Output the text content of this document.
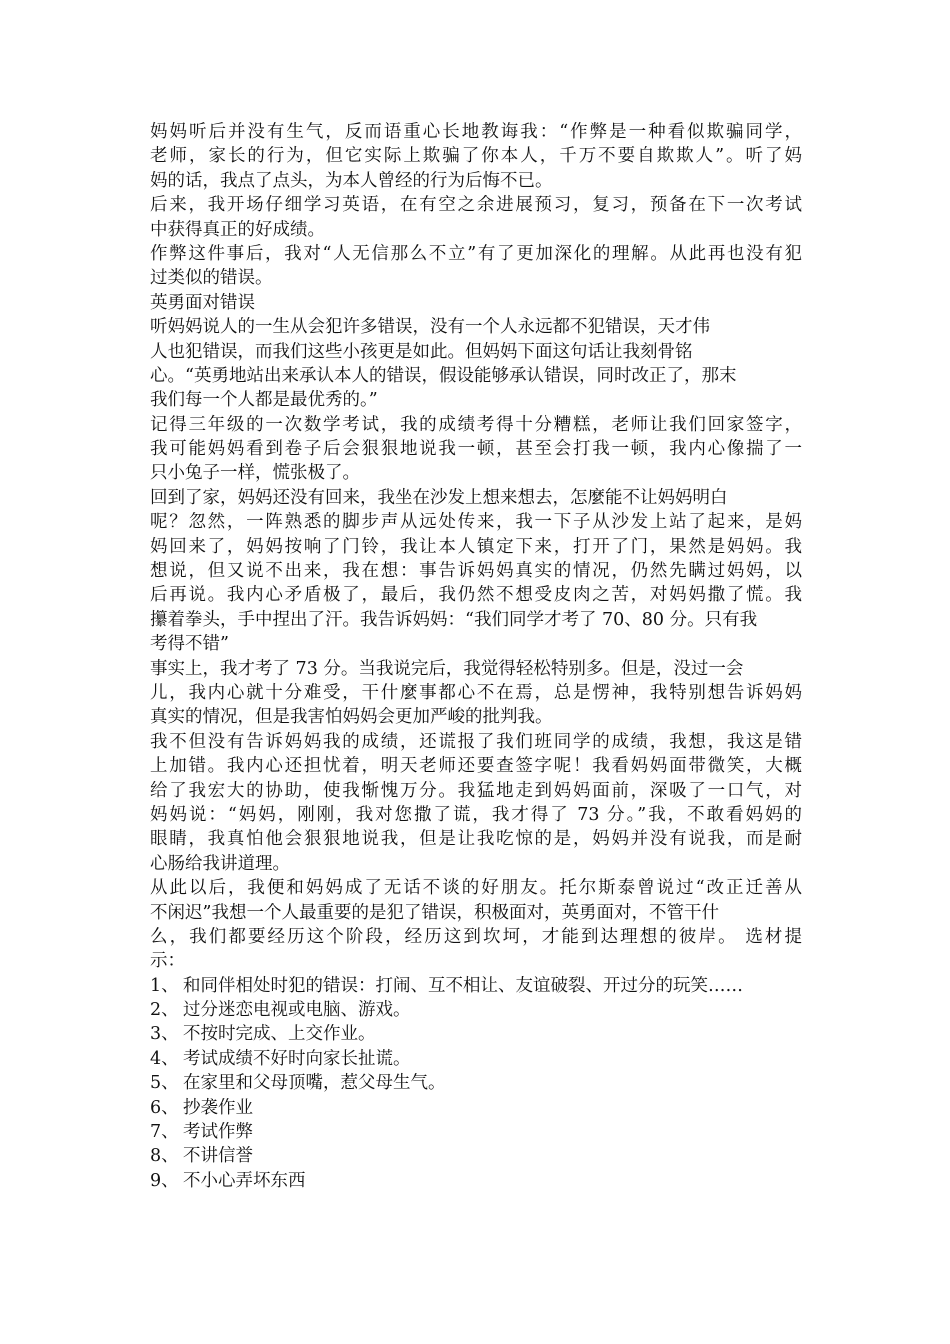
妈妈听后并没有生气，反而语重心长地教诲我：“作弊是一种看似欺骗同学，
老师，家长的行为，但它实际上欺骗了你本人，千万不要自欺欺人”。听了妈
妈的话，我点了点头，为本人曾经的行为后悔不已。
后来，我开场仔细学习英语，在有空之余进展预习，复习，预备在下一次考试
中获得真正的好成绩。
作弊这件事后，我对“人无信那么不立”有了更加深化的理解。从此再也没有犯
过类似的错误。
英勇面对错误
听妈妈说人的一生从会犯许多错误，没有一个人永远都不犯错误，天才伟
人也犯错误，而我们这些小孩更是如此。但妈妈下面这句话让我刻骨铭
心。“英勇地站出来承认本人的错误，假设能够承认错误，同时改正了，那末
我们每一个人都是最优秀的。”
记得三年级的一次数学考试，我的成绩考得十分糟糕，老师让我们回家签字，
我可能妈妈看到卷子后会狠狠地说我一顿，甚至会打我一顿，我内心像揣了一
只小兔子一样，慌张极了。
回到了家，妈妈还没有回来，我坐在沙发上想来想去，怎麼能不让妈妈明白
呢？忽然，一阵熟悉的脚步声从远处传来，我一下子从沙发上站了起来，是妈
妈回来了，妈妈按响了门铃，我让本人镇定下来，打开了门，果然是妈妈。我
想说，但又说不出来，我在想：事告诉妈妈真实的情况，仍然先瞒过妈妈，以
后再说。我内心矛盾极了，最后，我仍然不想受皮肉之苦，对妈妈撒了慌。我
攥着拳头，手中捏出了汗。我告诉妈妈：“我们同学才考了 70、80 分。只有我
考得不错”
事实上，我才考了 73 分。当我说完后，我觉得轻松特别多。但是，没过一会
儿，我内心就十分难受，干什麼事都心不在焉，总是愣神，我特别想告诉妈妈
真实的情况，但是我害怕妈妈会更加严峻的批判我。
我不但没有告诉妈妈我的成绩，还谎报了我们班同学的成绩，我想，我这是错
上加错。我内心还担忧着，明天老师还要查签字呢！我看妈妈面带微笑，大概
给了我宏大的协助，使我惭愧万分。我猛地走到妈妈面前，深吸了一口气，对
妈妈说：“妈妈，刚刚，我对您撒了谎，我才得了 73 分。”我，不敢看妈妈的
眼睛，我真怕他会狠狠地说我，但是让我吃惊的是，妈妈并没有说我，而是耐
心肠给我讲道理。
从此以后，我便和妈妈成了无话不谈的好朋友。托尔斯泰曾说过“改正迁善从
不闲迟”我想一个人最重要的是犯了错误，积极面对，英勇面对，不管干什
么，我们都要经历这个阶段，经历这到坎坷，才能到达理想的彼岸。 选材提
示：
1、 和同伴相处时犯的错误：打闹、互不相让、友谊破裂、开过分的玩笑……
2、 过分迷恋电视或电脑、游戏。
3、 不按时完成、上交作业。
4、 考试成绩不好时向家长扯谎。
5、 在家里和父母顶嘴，惹父母生气。
6、 抄袭作业
7、 考试作弊
8、 不讲信誉
9、 不小心弄坏东西
